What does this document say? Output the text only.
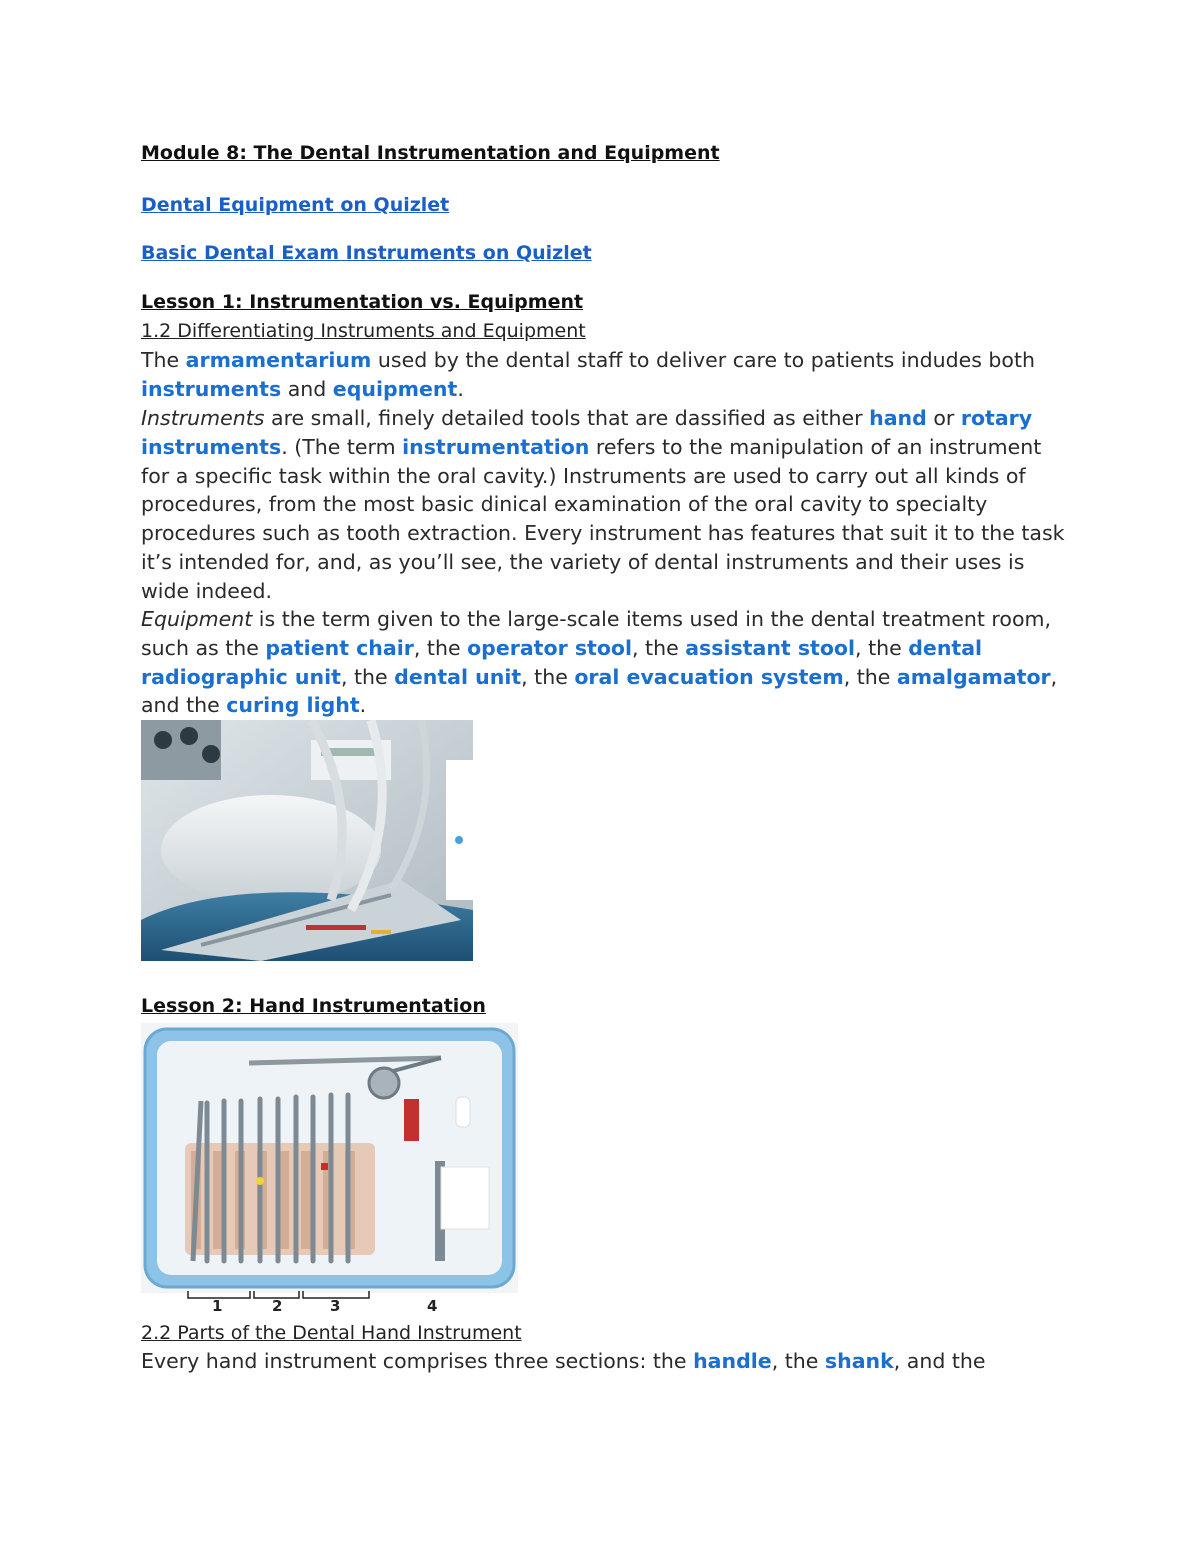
Module 8: The Dental Instrumentation and Equipment
Dental Equipment on Quizlet
Basic Dental Exam Instruments on Quizlet
Lesson 1: Instrumentation vs. Equipment
1.2 Differentiating Instruments and Equipment
The armamentarium used by the dental staff to deliver care to patients indudes both instruments and equipment.
Instruments are small, finely detailed tools that are dassified as either hand or rotary instruments. (The term instrumentation refers to the manipulation of an instrument for a specific task within the oral cavity.) Instruments are used to carry out all kinds of procedures, from the most basic dinical examination of the oral cavity to specialty procedures such as tooth extraction. Every instrument has features that suit it to the task it’s intended for, and, as you’ll see, the variety of dental instruments and their uses is wide indeed.
Equipment is the term given to the large-scale items used in the dental treatment room, such as the patient chair, the operator stool, the assistant stool, the dental radiographic unit, the dental unit, the oral evacuation system, the amalgamator, and the curing light.
Lesson 2: Hand Instrumentation
1	2	3	4
2.2 Parts of the Dental Hand Instrument
Every hand instrument comprises three sections: the handle, the shank, and the
